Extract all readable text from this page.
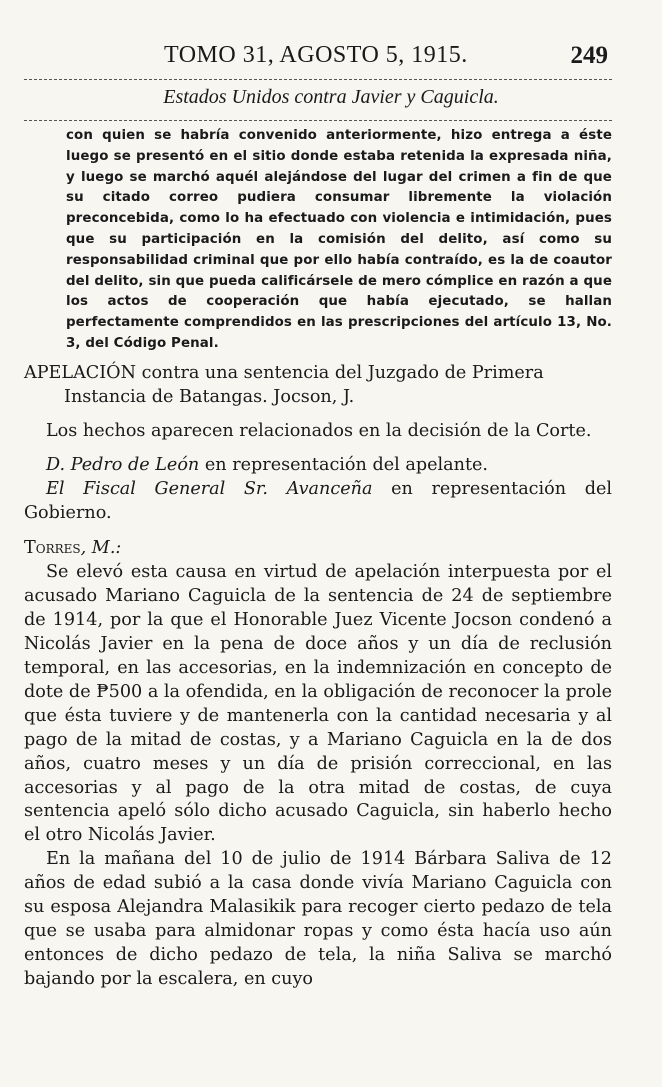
TOMO 31, AGOSTO 5, 1915.	249
Estados Unidos contra Javier y Caguicla.
con quien se habría convenido anteriormente, hizo entrega a éste luego se presentó en el sitio donde estaba retenida la expresada niña, y luego se marchó aquél alejándose del lugar del crimen a fin de que su citado correo pudiera consumar libremente la violación preconcebida, como lo ha efectuado con violencia e intimidación, pues que su participación en la comisión del delito, así como su responsabilidad criminal que por ello había contraído, es la de coautor del delito, sin que pueda calificársele de mero cómplice en razón a que los actos de cooperación que había ejecutado, se hallan perfectamente comprendidos en las prescripciones del artículo 13, No. 3, del Código Penal.

APELACIÓN contra una sentencia del Juzgado de Primera Instancia de Batangas. Jocson, J.

Los hechos aparecen relacionados en la decisión de la Corte.

D. Pedro de León en representación del apelante.

El Fiscal General Sr. Avanceña en representación del Gobierno.

Torres, M.:

Se elevó esta causa en virtud de apelación interpuesta por el acusado Mariano Caguicla de la sentencia de 24 de septiembre de 1914, por la que el Honorable Juez Vicente Jocson condenó a Nicolás Javier en la pena de doce años y un día de reclusión temporal, en las accesorias, en la indemnización en concepto de dote de ₱500 a la ofendida, en la obligación de reconocer la prole que ésta tuviere y de mantenerla con la cantidad necesaria y al pago de la mitad de costas, y a Mariano Caguicla en la de dos años, cuatro meses y un día de prisión correccional, en las accesorias y al pago de la otra mitad de costas, de cuya sentencia apeló sólo dicho acusado Caguicla, sin haberlo hecho el otro Nicolás Javier.

En la mañana del 10 de julio de 1914 Bárbara Saliva de 12 años de edad subió a la casa donde vivía Mariano Caguicla con su esposa Alejandra Malasikik para recoger cierto pedazo de tela que se usaba para almidonar ropas y como ésta hacía uso aún entonces de dicho pedazo de tela, la niña Saliva se marchó bajando por la escalera, en cuyo
